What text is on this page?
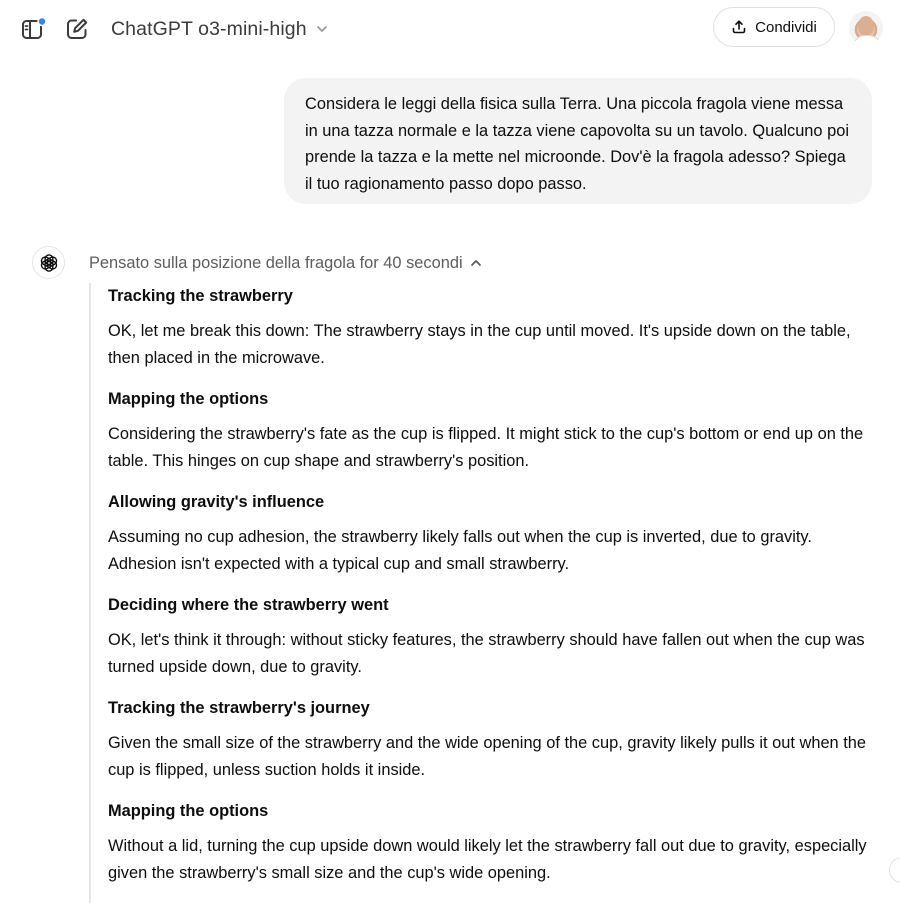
ChatGPT o3-mini-high	Condividi
Considera le leggi della fisica sulla Terra. Una piccola fragola viene messa in una tazza normale e la tazza viene capovolta su un tavolo. Qualcuno poi prende la tazza e la mette nel microonde. Dov'è la fragola adesso? Spiega il tuo ragionamento passo dopo passo.
Pensato sulla posizione della fragola for 40 secondi
Tracking the strawberry

OK, let me break this down: The strawberry stays in the cup until moved. It's upside down on the table, then placed in the microwave.

Mapping the options

Considering the strawberry's fate as the cup is flipped. It might stick to the cup's bottom or end up on the table. This hinges on cup shape and strawberry's position.

Allowing gravity's influence

Assuming no cup adhesion, the strawberry likely falls out when the cup is inverted, due to gravity. Adhesion isn't expected with a typical cup and small strawberry.

Deciding where the strawberry went

OK, let's think it through: without sticky features, the strawberry should have fallen out when the cup was turned upside down, due to gravity.

Tracking the strawberry's journey

Given the small size of the strawberry and the wide opening of the cup, gravity likely pulls it out when the cup is flipped, unless suction holds it inside.

Mapping the options

Without a lid, turning the cup upside down would likely let the strawberry fall out due to gravity, especially given the strawberry's small size and the cup's wide opening.
